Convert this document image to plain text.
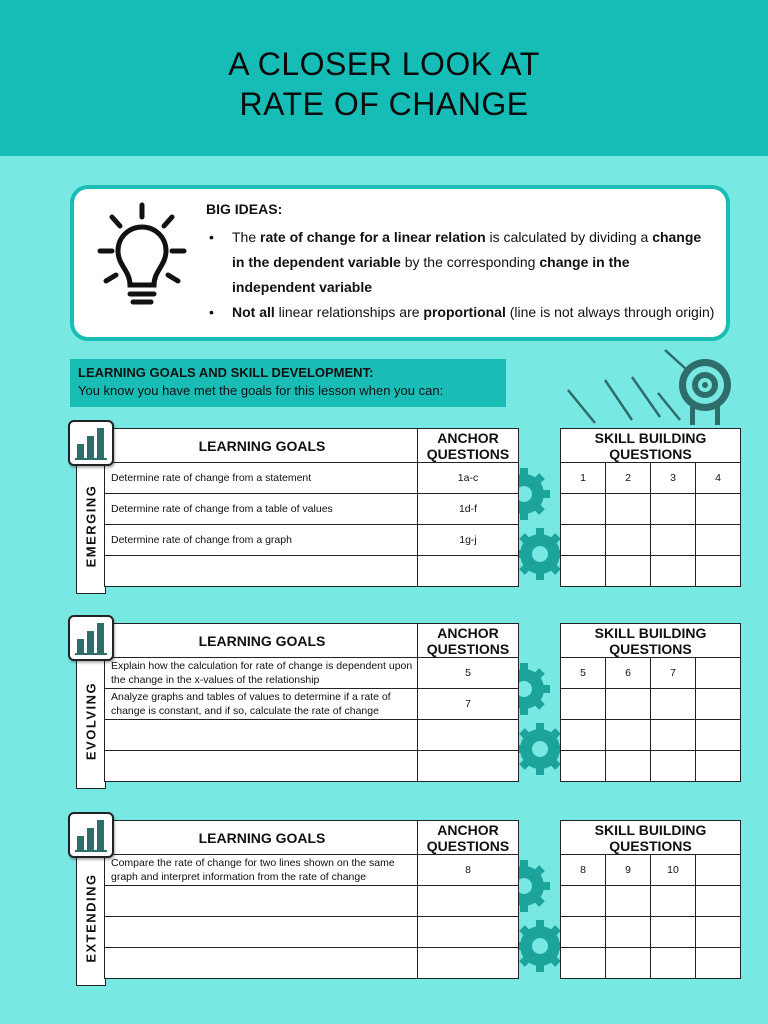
A CLOSER LOOK AT
RATE OF CHANGE
BIG IDEAS:
• The rate of change for a linear relation is calculated by dividing a change in the dependent variable by the corresponding change in the independent variable
• Not all linear relationships are proportional (line is not always through origin)
LEARNING GOALS AND SKILL DEVELOPMENT:
You know you have met the goals for this lesson when you can:
EMERGING
LEARNING GOALS	ANCHOR
QUESTIONS
Determine rate of change from a statement	1a-c
Determine rate of change from a table of values	1d-f
Determine rate of change from a graph	1g-j

SKILL BUILDING
QUESTIONS			
1	2	3	4

EVOLVING
LEARNING GOALS	ANCHOR
QUESTIONS
Explain how the calculation for rate of change is dependent upon the change in the x-values of the relationship	5
Analyze graphs and tables of values to determine if a rate of change is constant, and if so, calculate the rate of change	7

SKILL BUILDING
QUESTIONS			
5	6	7	

EXTENDING
LEARNING GOALS	ANCHOR
QUESTIONS
Compare the rate of change for two lines shown on the same graph and interpret information from the rate of change	8

SKILL BUILDING
QUESTIONS			
8	9	10	
